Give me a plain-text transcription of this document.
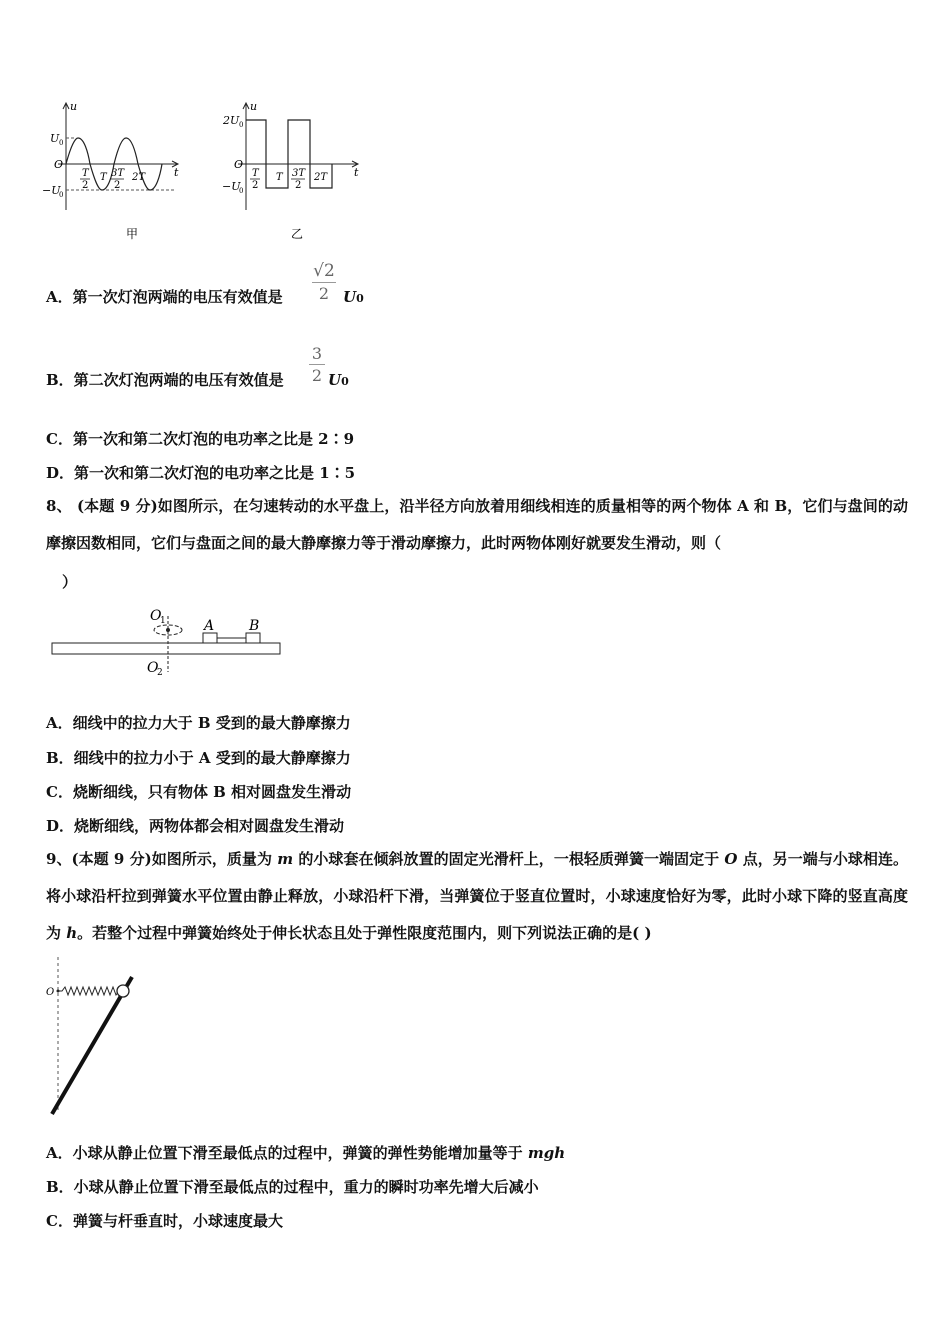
u
t
U 0
O
−U
0
T
2
T 3T
2
2T
甲
u
t
2U 0
O
−U
0
T
2
T 3T
2
2T
乙
A．第一次灯泡两端的电压有效值是
√2
2 U0
B．第二次灯泡两端的电压有效值是
3
2 U0
C．第一次和第二次灯泡的电功率之比是 2∶9
D．第一次和第二次灯泡的电功率之比是 1∶5
8、 (本题 9 分)如图所示，在匀速转动的水平盘上，沿半径方向放着用细线相连的质量相等的两个物体 A 和 B，它们与盘间的动摩擦因数相同，它们与盘面之间的最大静摩擦力等于滑动摩擦力，此时两物体刚好就要发生滑动，则（
）
O
1	A B
O
2
A．细线中的拉力大于 B 受到的最大静摩擦力
B．细线中的拉力小于 A 受到的最大静摩擦力
C．烧断细线，只有物体 B 相对圆盘发生滑动
D．烧断细线，两物体都会相对圆盘发生滑动
9、(本题 9 分)如图所示，质量为 m 的小球套在倾斜放置的固定光滑杆上，一根轻质弹簧一端固定于 O 点，另一端与小球相连。将小球沿杆拉到弹簧水平位置由静止释放，小球沿杆下滑，当弹簧位于竖直位置时，小球速度恰好为零，此时小球下降的竖直高度为 h。若整个过程中弹簧始终处于伸长状态且处于弹性限度范围内，则下列说法正确的是( )
O
A．小球从静止位置下滑至最低点的过程中，弹簧的弹性势能增加量等于 mgh
B．小球从静止位置下滑至最低点的过程中，重力的瞬时功率先增大后减小
C．弹簧与杆垂直时，小球速度最大
